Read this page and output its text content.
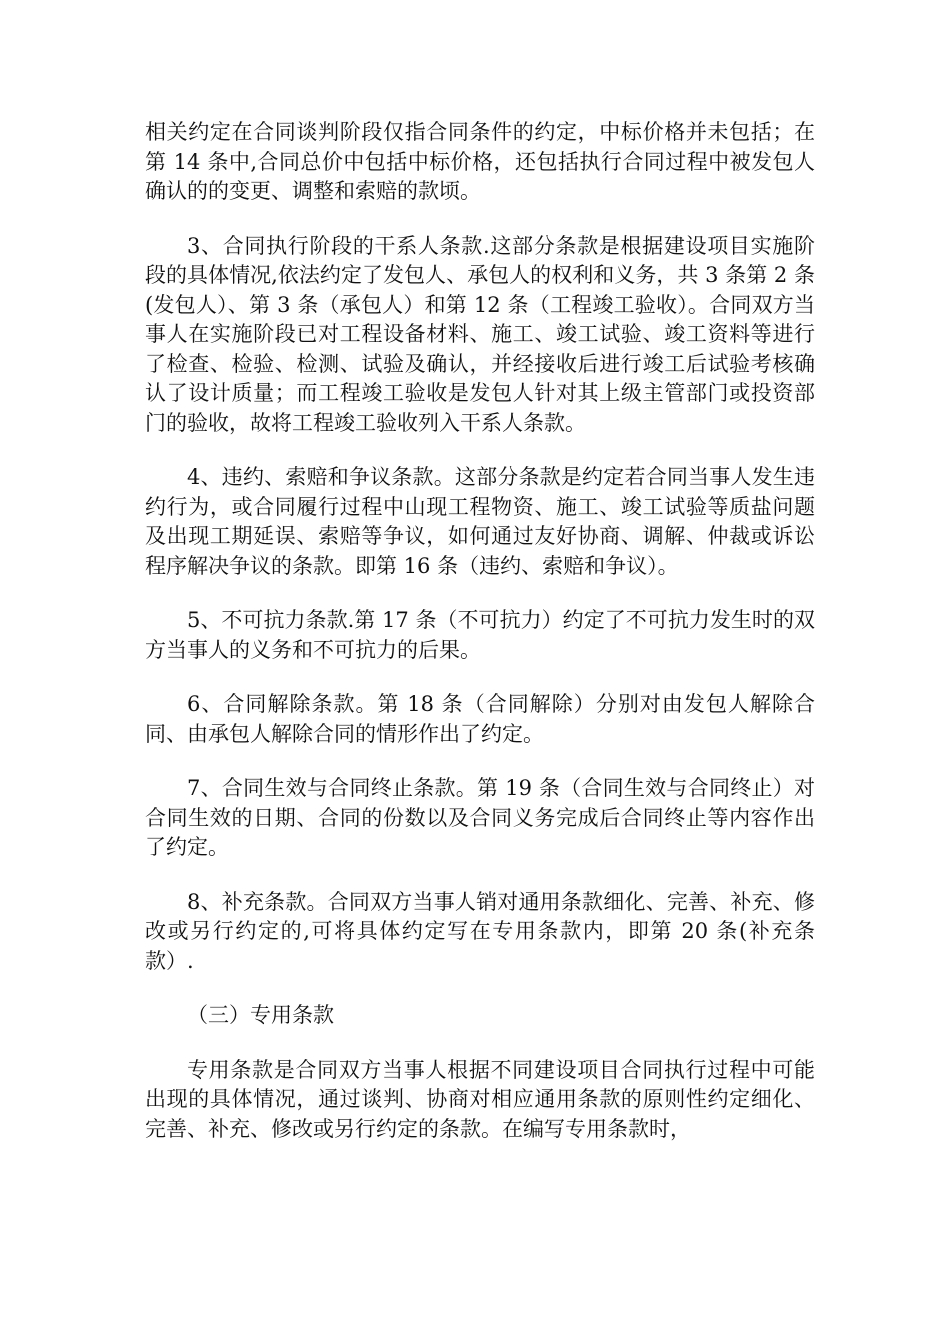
相关约定在合同谈判阶段仅指合同条件的约定，中标价格并未包括；在第 14 条中,合同总价中包括中标价格，还包括执行合同过程中被发包人确认的的变更、调整和索赔的款顷。

3、合同执行阶段的干系人条款.这部分条款是根据建设项目实施阶段的具体情况,依法约定了发包人、承包人的权利和义务，共 3 条第 2 条(发包人）、第 3 条（承包人）和第 12 条（工程竣工验收）。合同双方当事人在实施阶段已对工程设备材料、施工、竣工试验、竣工资料等进行了检查、检验、检测、试验及确认，并经接收后进行竣工后试验考核确认了设计质量；而工程竣工验收是发包人针对其上级主管部门或投资部门的验收，故将工程竣工验收列入干系人条款。

4、违约、索赔和争议条款。这部分条款是约定若合同当事人发生违约行为，或合同履行过程中山现工程物资、施工、竣工试验等质盐问题及出现工期延误、索赔等争议，如何通过友好协商、调解、仲裁或诉讼程序解决争议的条款。即第 16 条（违约、索赔和争议）。

5、不可抗力条款.第 17 条（不可抗力）约定了不可抗力发生时的双方当事人的义务和不可抗力的后果。

6、合同解除条款。第 18 条（合同解除）分别对由发包人解除合同、由承包人解除合同的情形作出了约定。

7、合同生效与合同终止条款。第 19 条（合同生效与合同终止）对合同生效的日期、合同的份数以及合同义务完成后合同终止等内容作出了约定。

8、补充条款。合同双方当事人销对通用条款细化、完善、补充、修改或另行约定的,可将具体约定写在专用条款内，即第 20 条(补充条款）.

（三）专用条款

专用条款是合同双方当事人根据不同建设项目合同执行过程中可能出现的具体情况，通过谈判、协商对相应通用条款的原则性约定细化、完善、补充、修改或另行约定的条款。在编写专用条款时，
